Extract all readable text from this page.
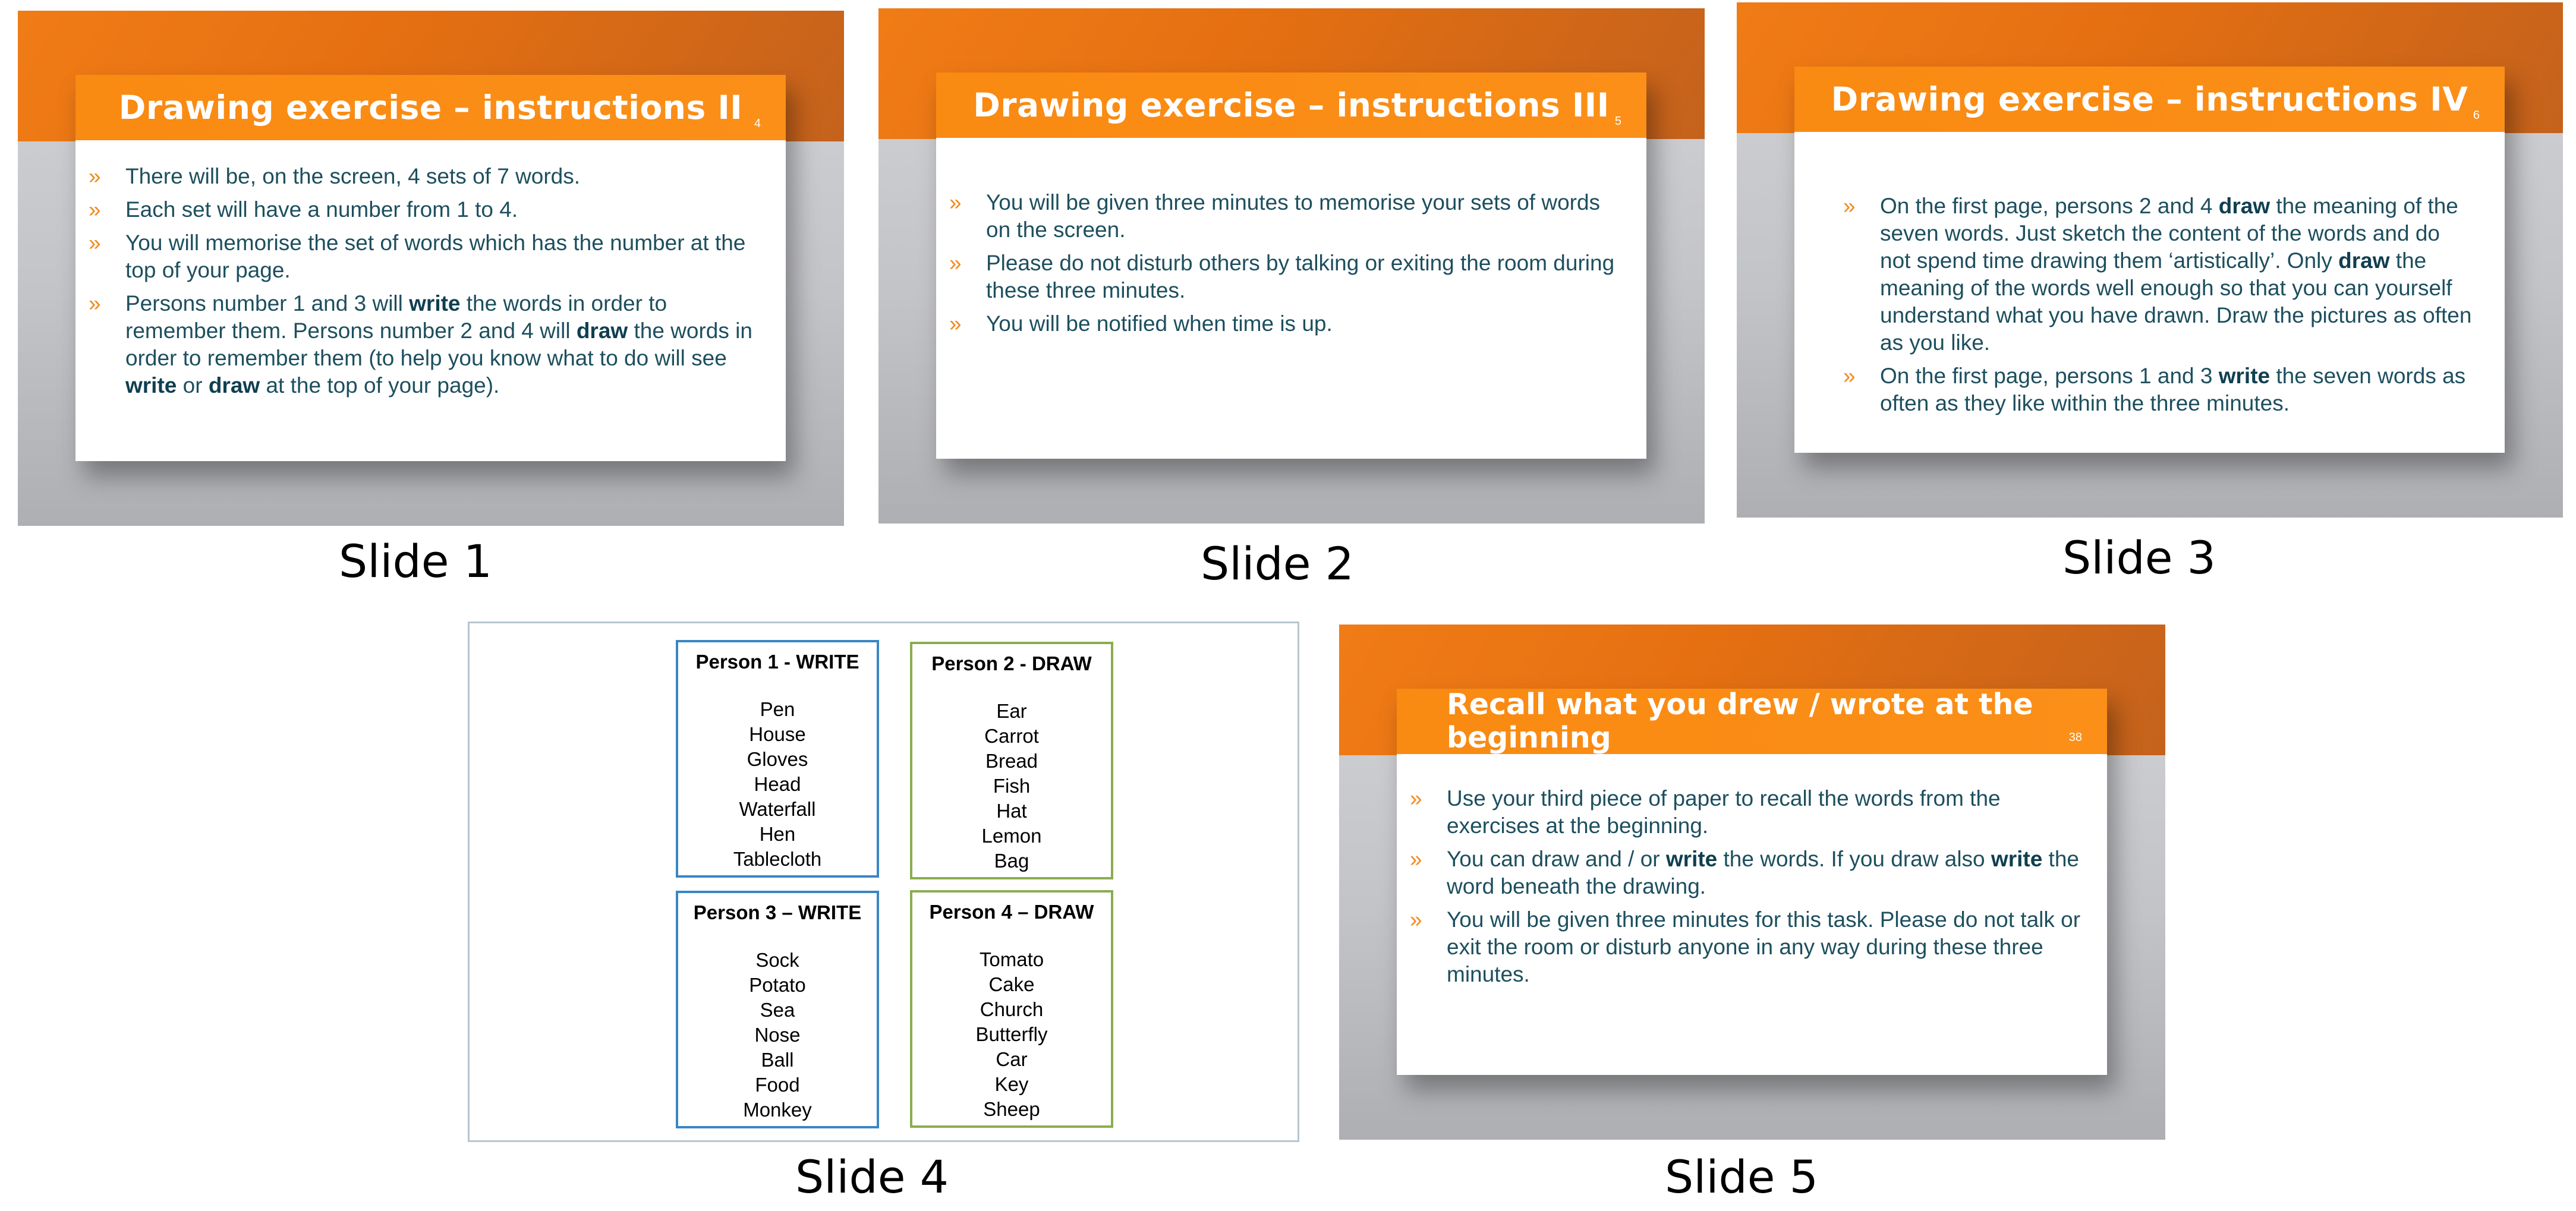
Drawing exercise – instructions II 4
» There will be, on the screen, 4 sets of 7 words.
» Each set will have a number from 1 to 4.
» You will memorise the set of words which has the number at the top of your page.
» Persons number 1 and 3 will write the words in order to remember them. Persons number 2 and 4 will draw the words in order to remember them (to help you know what to do will see write or draw at the top of your page).
Slide 1
Drawing exercise – instructions III 5
» You will be given three minutes to memorise your sets of words on the screen.
» Please do not disturb others by talking or exiting the room during these three minutes.
» You will be notified when time is up.
Slide 2
Drawing exercise – instructions IV 6
» On the first page, persons 2 and 4 draw the meaning of the seven words. Just sketch the content of the words and do not spend time drawing them ‘artistically’. Only draw the meaning of the words well enough so that you can yourself understand what you have drawn. Draw the pictures as often as you like.
» On the first page, persons 1 and 3 write the seven words as often as they like within the three minutes.
Slide 3
Person 1 - WRITE
Pen
House
Gloves
Head
Waterfall
Hen
Tablecloth
Person 2 - DRAW
Ear
Carrot
Bread
Fish
Hat
Lemon
Bag
Person 3 – WRITE
Sock
Potato
Sea
Nose
Ball
Food
Monkey
Person 4 – DRAW
Tomato
Cake
Church
Butterfly
Car
Key
Sheep
Slide 4
Recall what you drew / wrote at the beginning	38
» Use your third piece of paper to recall the words from the exercises at the beginning.
» You can draw and / or write the words. If you draw also write the word beneath the drawing.
» You will be given three minutes for this task. Please do not talk or exit the room or disturb anyone in any way during these three minutes.
Slide 5
